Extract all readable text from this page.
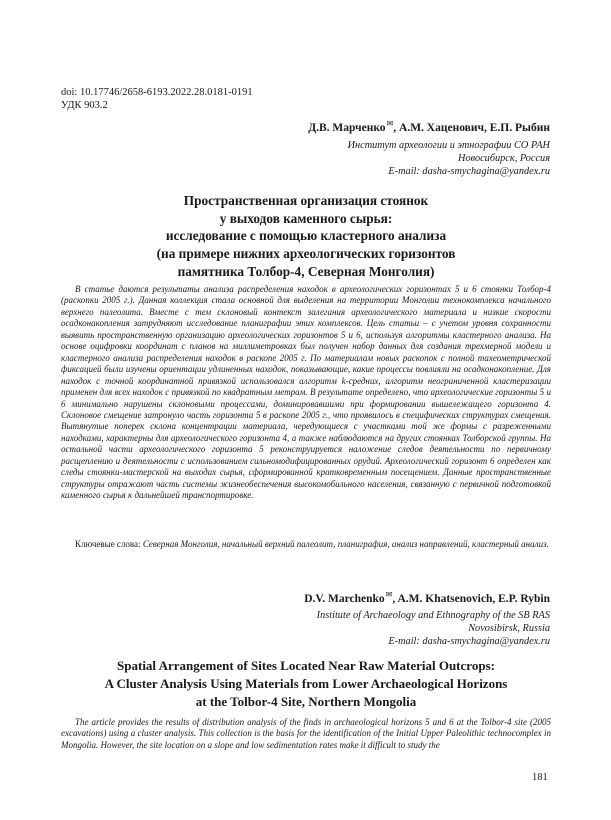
doi: 10.17746/2658-6193.2022.28.0181-0191
УДК 903.2
Д.В. Марченко✉, А.М. Хаценович, Е.П. Рыбин
Институт археологии и этнографии СО РАН
Новосибирск, Россия
E-mail: dasha-smychagina@yandex.ru
Пространственная организация стоянок
у выходов каменного сырья:
исследование с помощью кластерного анализа
(на примере нижних археологических горизонтов
памятника Толбор-4, Северная Монголия)

В статье даются результаты анализа распределения находок в археологических горизонтах 5 и 6 стоянки Толбор-4 (раскопки 2005 г.). Данная коллекция стала основной для выделения на территории Монголии технокомплекса начального верхнего палеолита. Вместе с тем склоновый контекст залегания археологического материала и низкие скорости осадконакопления затрудняют исследование планиграфии этих комплексов. Цель статьи – с учетом уровня сохранности выявить пространственную организацию археологических горизонтов 5 и 6, используя алгоритмы кластерного анализа. На основе оцифровки координат с планов на миллиметровках был получен набор данных для создания трехмерной модели и кластерного анализа распределения находок в раскопе 2005 г. По материалам новых раскопок с полной тахеометрической фиксацией были изучены ориентации удлиненных находок, показывающие, какие процессы повлияли на осадконакопление. Для находок с точной координатной привязкой использовался алгоритм k-средних, алгоритм неограниченной кластеризации применен для всех находок с привязкой по квадратным метрам. В результате определено, что археологические горизонты 5 и 6 минимально нарушены склоновыми процессами, доминировавшими при формировании вышележащего горизонта 4. Склоновое смещение затронуло часть горизонта 5 в раскопе 2005 г., что проявилось в специфических структурах смещения. Вытянутые поперек склона концентрации материала, чередующиеся с участками той же формы с разреженными находками, характерны для археологического горизонта 4, а также наблюдаются на других стоянках Толборской группы. На остальной части археологического горизонта 5 реконструируется наложение следов деятельности по первичному расщеплению и деятельности с использованием сильномодифицированных орудий. Археологический горизонт 6 определен как следы стоянки-мастерской на выходах сырья, сформированной кратковременным посещением. Данные пространственные структуры отражают часть системы жизнеобеспечения высокомобильного населения, связанную с первичной подготовкой каменного сырья к дальнейшей транспортировке.

Ключевые слова: Северная Монголия, начальный верхний палеолит, планиграфия, анализ направлений, кластерный анализ.

D.V. Marchenko✉, A.M. Khatsenovich, E.P. Rybin
Institute of Archaeology and Ethnography of the SB RAS
Novosibirsk, Russia
E-mail: dasha-smychagina@yandex.ru
Spatial Arrangement of Sites Located Near Raw Material Outcrops:
A Cluster Analysis Using Materials from Lower Archaeological Horizons
at the Tolbor-4 Site, Northern Mongolia

The article provides the results of distribution analysis of the finds in archaeological horizons 5 and 6 at the Tolbor-4 site (2005 excavations) using a cluster analysis. This collection is the basis for the identification of the Initial Upper Paleolithic technocomplex in Mongolia. However, the site location on a slope and low sedimentation rates make it difficult to study the

181
